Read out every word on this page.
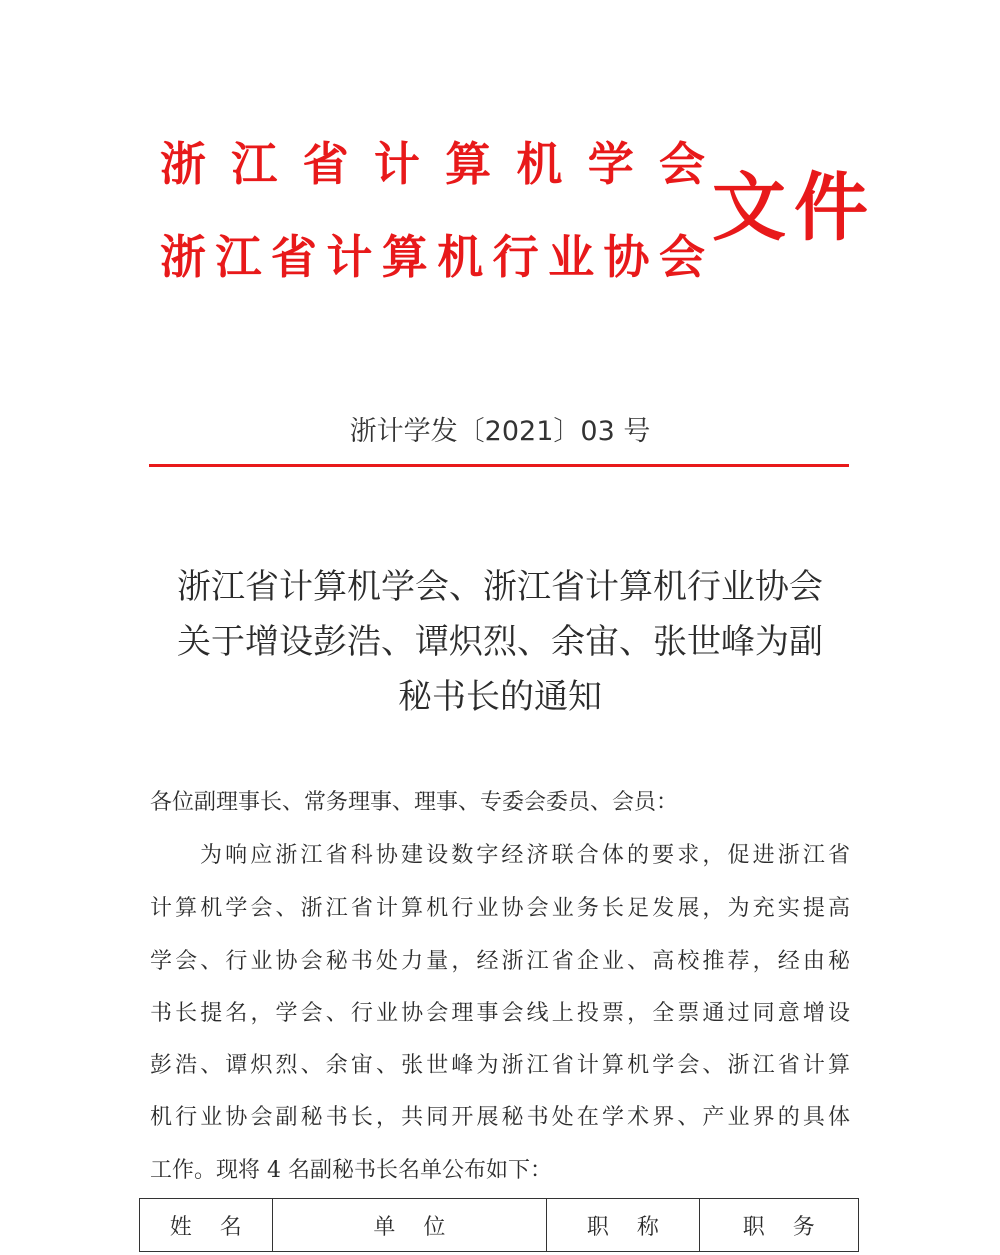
浙 江 省 计 算 机 学 会
浙 江 省 计 算 机 行 业 协 会
文件
浙计学发〔2021〕03 号
浙江省计算机学会、浙江省计算机行业协会
关于增设彭浩、谭炽烈、余宙、张世峰为副
秘书长的通知
各位副理事长、常务理事、理事、专委会委员、会员：
为响应浙江省科协建设数字经济联合体的要求，促进浙江省
计算机学会、浙江省计算机行业协会业务长足发展，为充实提高
学会、行业协会秘书处力量，经浙江省企业、高校推荐，经由秘
书长提名，学会、行业协会理事会线上投票，全票通过同意增设
彭浩、谭炽烈、余宙、张世峰为浙江省计算机学会、浙江省计算
机行业协会副秘书长，共同开展秘书处在学术界、产业界的具体
工作。现将 4 名副秘书长名单公布如下：
姓    名	单    位	职    称	职    务
